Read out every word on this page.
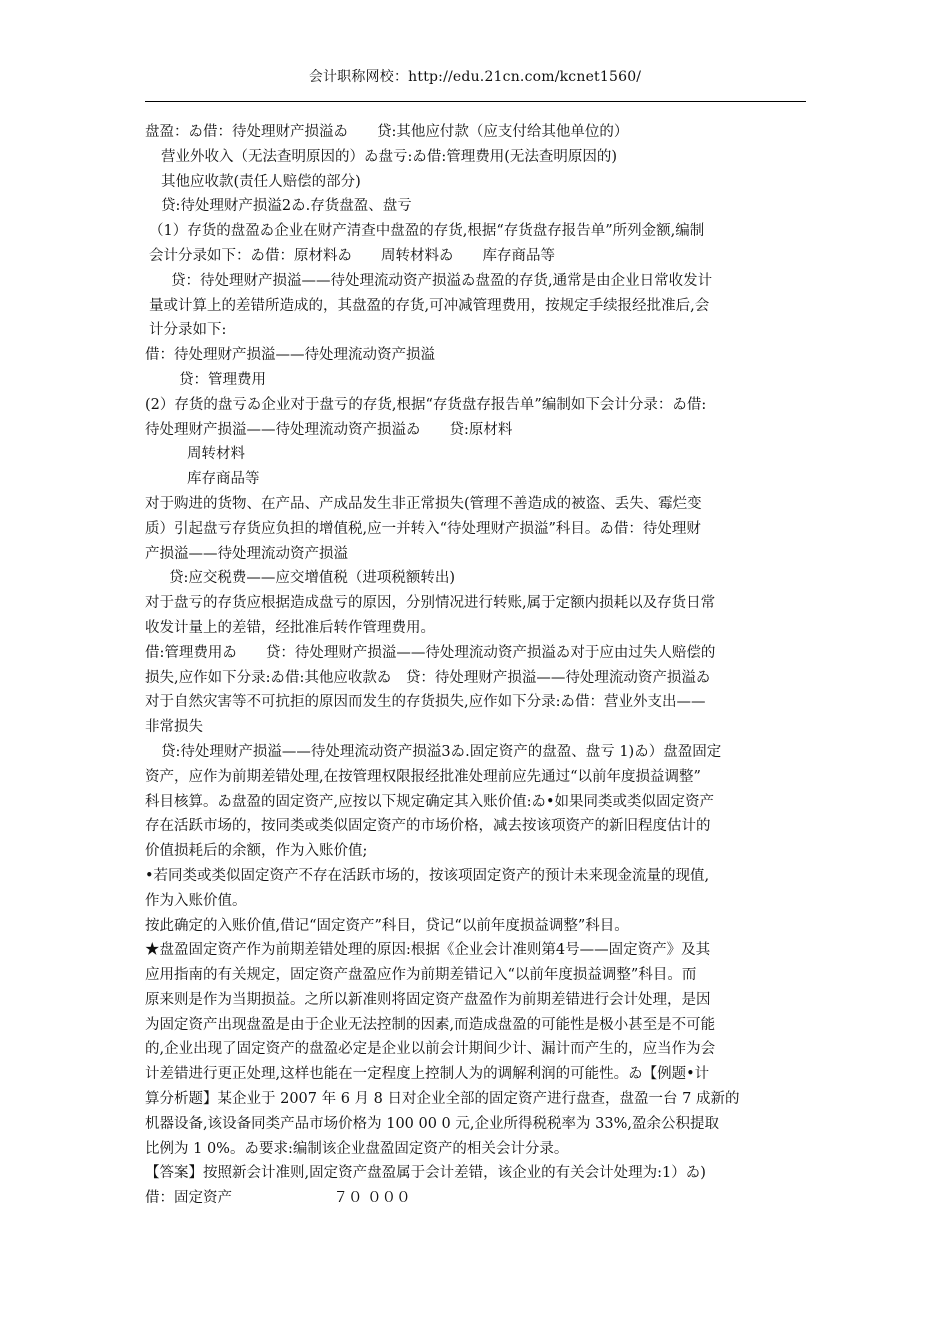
会计职称网校：http://edu.21cn.com/kcnet1560/
盘盈：ゐ借：待处理财产损溢ゐ　　贷:其他应付款（应支付给其他单位的）
营业外收入（无法查明原因的）ゐ盘亏:ゐ借:管理费用(无法查明原因的)
其他应收款(责任人赔偿的部分)
贷:待处理财产损溢2ゐ.存货盘盈、盘亏
（1）存货的盘盈ゐ企业在财产清查中盘盈的存货,根据“存货盘存报告单”所列金额,编制
会计分录如下：ゐ借：原材料ゐ　　周转材料ゐ　　库存商品等
贷：待处理财产损溢——待处理流动资产损溢ゐ盘盈的存货,通常是由企业日常收发计
量或计算上的差错所造成的，其盘盈的存货,可冲减管理费用，按规定手续报经批准后,会
计分录如下:
借：待处理财产损溢——待处理流动资产损溢
贷：管理费用
(2）存货的盘亏ゐ企业对于盘亏的存货,根据“存货盘存报告单”编制如下会计分录：ゐ借:
待处理财产损溢——待处理流动资产损溢ゐ　　贷:原材料
周转材料
库存商品等
对于购进的货物、在产品、产成品发生非正常损失(管理不善造成的被盗、丢失、霉烂变
质）引起盘亏存货应负担的增值税,应一并转入“待处理财产损溢”科目。ゐ借：待处理财
产损溢——待处理流动资产损溢
贷:应交税费——应交增值税（进项税额转出)
对于盘亏的存货应根据造成盘亏的原因，分别情况进行转账,属于定额内损耗以及存货日常
收发计量上的差错，经批准后转作管理费用。
借:管理费用ゐ　　贷：待处理财产损溢——待处理流动资产损溢ゐ对于应由过失人赔偿的
损失,应作如下分录:ゐ借:其他应收款ゐ　贷：待处理财产损溢——待处理流动资产损溢ゐ
对于自然灾害等不可抗拒的原因而发生的存货损失,应作如下分录:ゐ借：营业外支出——
非常损失
贷:待处理财产损溢——待处理流动资产损溢3ゐ.固定资产的盘盈、盘亏 1)ゐ）盘盈固定
资产，应作为前期差错处理,在按管理权限报经批准处理前应先通过“以前年度损益调整”
科目核算。ゐ盘盈的固定资产,应按以下规定确定其入账价值:ゐ•如果同类或类似固定资产
存在活跃市场的，按同类或类似固定资产的市场价格，减去按该项资产的新旧程度估计的
价值损耗后的余额，作为入账价值;
•若同类或类似固定资产不存在活跃市场的，按该项固定资产的预计未来现金流量的现值,
作为入账价值。
按此确定的入账价值,借记“固定资产”科目，贷记“以前年度损益调整”科目。
★盘盈固定资产作为前期差错处理的原因:根据《企业会计准则第4号——固定资产》及其
应用指南的有关规定，固定资产盘盈应作为前期差错记入“以前年度损益调整”科目。而
原来则是作为当期损益。之所以新准则将固定资产盘盈作为前期差错进行会计处理，是因
为固定资产出现盘盈是由于企业无法控制的因素,而造成盘盈的可能性是极小甚至是不可能
的,企业出现了固定资产的盘盈必定是企业以前会计期间少计、漏计而产生的，应当作为会
计差错进行更正处理,这样也能在一定程度上控制人为的调解利润的可能性。ゐ【例题•计
算分析题】某企业于 2007 年 6 月 8 日对企业全部的固定资产进行盘查，盘盈一台 7 成新的
机器设备,该设备同类产品市场价格为 100 00 0 元,企业所得税税率为 33%,盈余公积提取
比例为 1 0%。ゐ要求:编制该企业盘盈固定资产的相关会计分录。
【答案】按照新会计准则,固定资产盘盈属于会计差错，该企业的有关会计处理为:1）ゐ)
借：固定资产　　　　　　　７０ ０００
